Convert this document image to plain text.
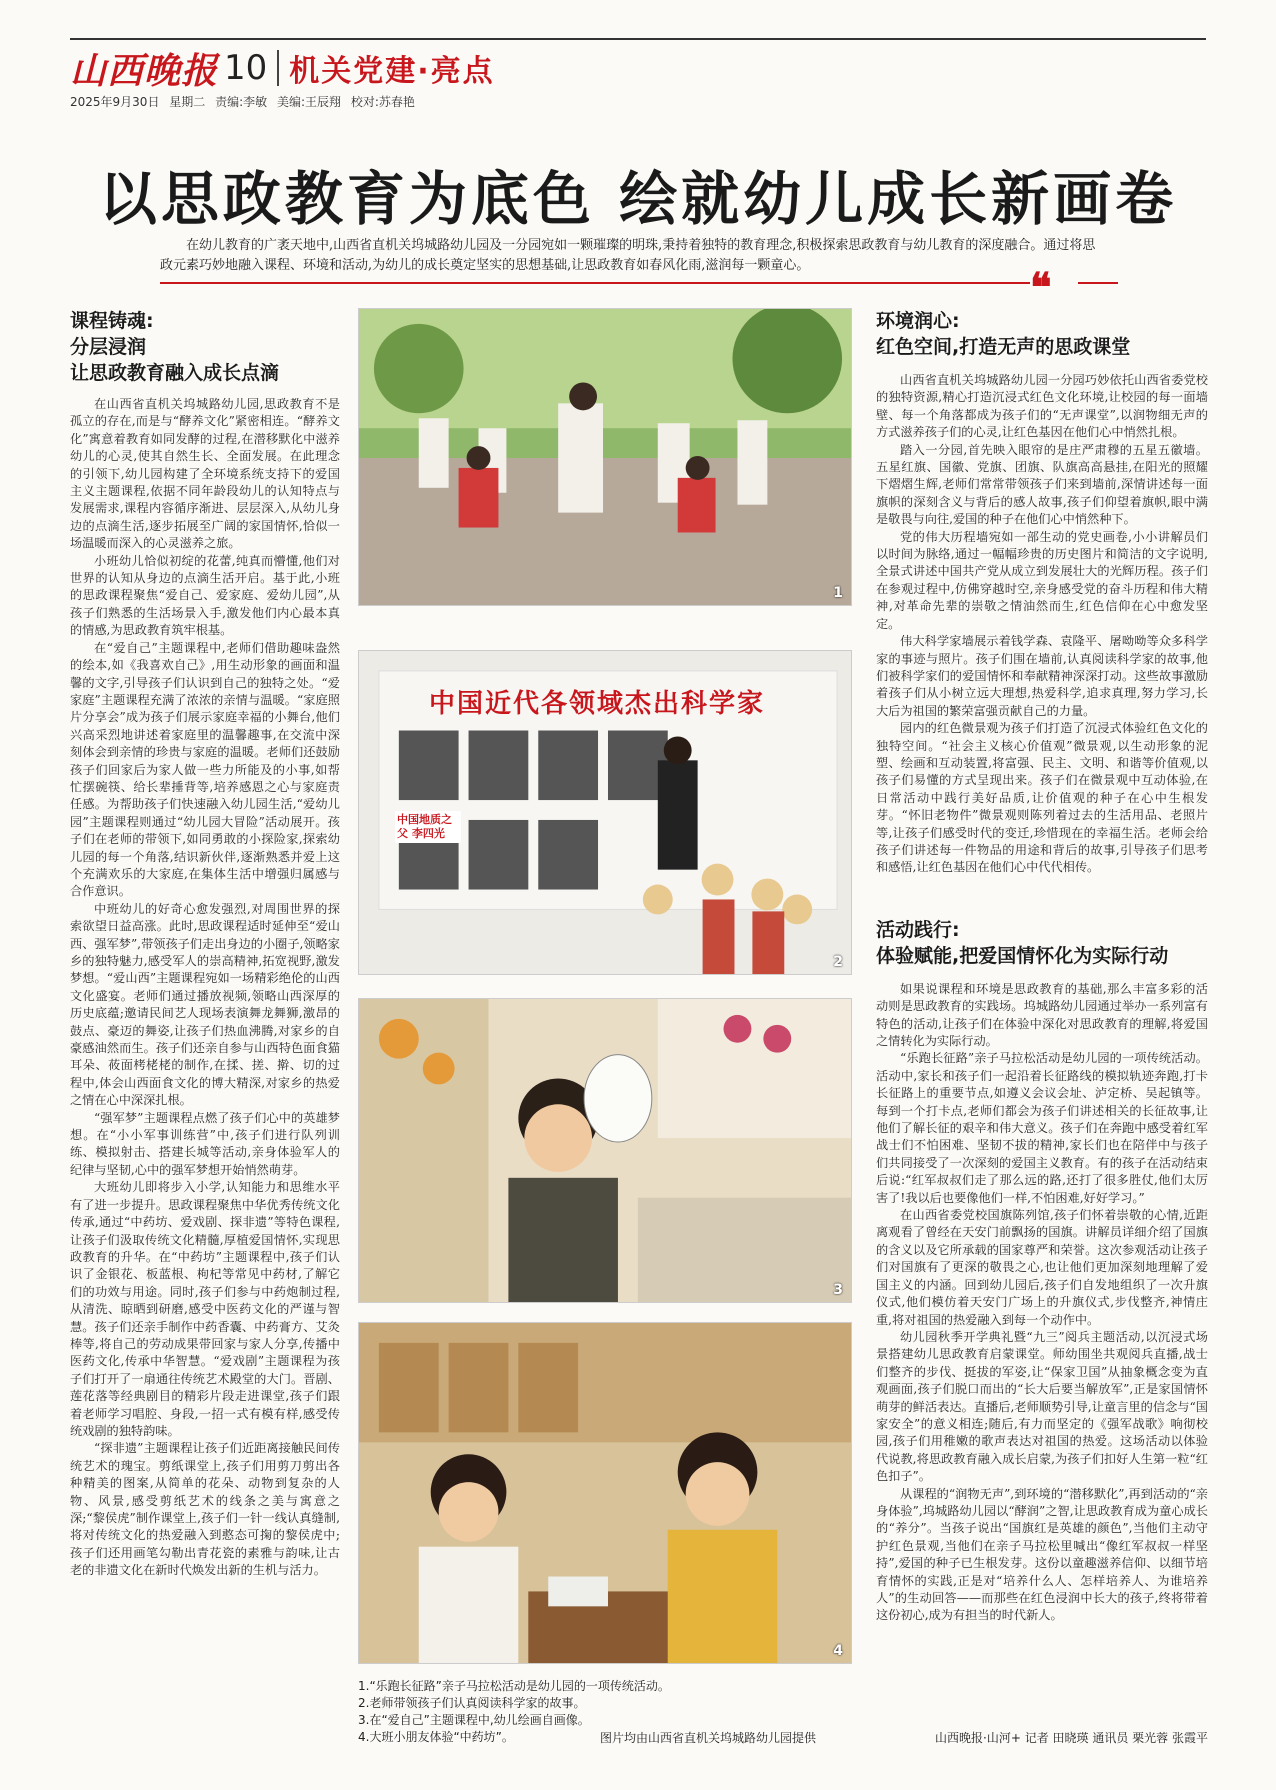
山西晚报 10 机关党建·亮点
2025年9月30日 星期二 责编:李敏 美编:王辰翔 校对:苏春艳
以思政教育为底色 绘就幼儿成长新画卷

在幼儿教育的广袤天地中,山西省直机关坞城路幼儿园及一分园宛如一颗璀璨的明珠,秉持着独特的教育理念,积极探索思政教育与幼儿教育的深度融合。通过将思政元素巧妙地融入课程、环境和活动,为幼儿的成长奠定坚实的思想基础,让思政教育如春风化雨,滋润每一颗童心。	❝
课程铸魂:
分层浸润
让思政教育融入成长点滴

在山西省直机关坞城路幼儿园,思政教育不是孤立的存在,而是与“酵养文化”紧密相连。“酵养文化”寓意着教育如同发酵的过程,在潜移默化中滋养幼儿的心灵,使其自然生长、全面发展。在此理念的引领下,幼儿园构建了全环境系统支持下的爱国主义主题课程,依据不同年龄段幼儿的认知特点与发展需求,课程内容循序渐进、层层深入,从幼儿身边的点滴生活,逐步拓展至广阔的家国情怀,恰似一场温暖而深入的心灵滋养之旅。

小班幼儿恰似初绽的花蕾,纯真而懵懂,他们对世界的认知从身边的点滴生活开启。基于此,小班的思政课程聚焦“爱自己、爱家庭、爱幼儿园”,从孩子们熟悉的生活场景入手,激发他们内心最本真的情感,为思政教育筑牢根基。

在“爱自己”主题课程中,老师们借助趣味盎然的绘本,如《我喜欢自己》,用生动形象的画面和温馨的文字,引导孩子们认识到自己的独特之处。“爱家庭”主题课程充满了浓浓的亲情与温暖。“家庭照片分享会”成为孩子们展示家庭幸福的小舞台,他们兴高采烈地讲述着家庭里的温馨趣事,在交流中深刻体会到亲情的珍贵与家庭的温暖。老师们还鼓励孩子们回家后为家人做一些力所能及的小事,如帮忙摆碗筷、给长辈捶背等,培养感恩之心与家庭责任感。为帮助孩子们快速融入幼儿园生活,“爱幼儿园”主题课程则通过“幼儿园大冒险”活动展开。孩子们在老师的带领下,如同勇敢的小探险家,探索幼儿园的每一个角落,结识新伙伴,逐渐熟悉并爱上这个充满欢乐的大家庭,在集体生活中增强归属感与合作意识。

中班幼儿的好奇心愈发强烈,对周围世界的探索欲望日益高涨。此时,思政课程适时延伸至“爱山西、强军梦”,带领孩子们走出身边的小圈子,领略家乡的独特魅力,感受军人的崇高精神,拓宽视野,激发梦想。“爱山西”主题课程宛如一场精彩绝伦的山西文化盛宴。老师们通过播放视频,领略山西深厚的历史底蕴;邀请民间艺人现场表演舞龙舞狮,激昂的鼓点、豪迈的舞姿,让孩子们热血沸腾,对家乡的自豪感油然而生。孩子们还亲自参与山西特色面食猫耳朵、莜面栲栳栳的制作,在揉、搓、擀、切的过程中,体会山西面食文化的博大精深,对家乡的热爱之情在心中深深扎根。

“强军梦”主题课程点燃了孩子们心中的英雄梦想。在“小小军事训练营”中,孩子们进行队列训练、模拟射击、搭建长城等活动,亲身体验军人的纪律与坚韧,心中的强军梦想开始悄然萌芽。

大班幼儿即将步入小学,认知能力和思维水平有了进一步提升。思政课程聚焦中华优秀传统文化传承,通过“中药坊、爱戏剧、探非遗”等特色课程,让孩子们汲取传统文化精髓,厚植爱国情怀,实现思政教育的升华。在“中药坊”主题课程中,孩子们认识了金银花、板蓝根、枸杞等常见中药材,了解它们的功效与用途。同时,孩子们参与中药炮制过程,从清洗、晾晒到研磨,感受中医药文化的严谨与智慧。孩子们还亲手制作中药香囊、中药膏方、艾灸棒等,将自己的劳动成果带回家与家人分享,传播中医药文化,传承中华智慧。“爱戏剧”主题课程为孩子们打开了一扇通往传统艺术殿堂的大门。晋剧、莲花落等经典剧目的精彩片段走进课堂,孩子们跟着老师学习唱腔、身段,一招一式有模有样,感受传统戏剧的独特韵味。

“探非遗”主题课程让孩子们近距离接触民间传统艺术的瑰宝。剪纸课堂上,孩子们用剪刀剪出各种精美的图案,从简单的花朵、动物到复杂的人物、风景,感受剪纸艺术的线条之美与寓意之深;“黎侯虎”制作课堂上,孩子们一针一线认真缝制,将对传统文化的热爱融入到憨态可掬的黎侯虎中;孩子们还用画笔勾勒出青花瓷的素雅与韵味,让古老的非遗文化在新时代焕发出新的生机与活力。

1
中国近代各领域杰出科学家
中国地质之父 李四光
2
3
4
1.“乐跑长征路”亲子马拉松活动是幼儿园的一项传统活动。
2.老师带领孩子们认真阅读科学家的故事。
3.在“爱自己”主题课程中,幼儿绘画自画像。
4.大班小朋友体验“中药坊”。	图片均由山西省直机关坞城路幼儿园提供
环境润心:
红色空间,打造无声的思政课堂

山西省直机关坞城路幼儿园一分园巧妙依托山西省委党校的独特资源,精心打造沉浸式红色文化环境,让校园的每一面墙壁、每一个角落都成为孩子们的“无声课堂”,以润物细无声的方式滋养孩子们的心灵,让红色基因在他们心中悄然扎根。

踏入一分园,首先映入眼帘的是庄严肃穆的五星五徽墙。五星红旗、国徽、党旗、团旗、队旗高高悬挂,在阳光的照耀下熠熠生辉,老师们常常带领孩子们来到墙前,深情讲述每一面旗帜的深刻含义与背后的感人故事,孩子们仰望着旗帜,眼中满是敬畏与向往,爱国的种子在他们心中悄然种下。

党的伟大历程墙宛如一部生动的党史画卷,小小讲解员们以时间为脉络,通过一幅幅珍贵的历史图片和简洁的文字说明,全景式讲述中国共产党从成立到发展壮大的光辉历程。孩子们在参观过程中,仿佛穿越时空,亲身感受党的奋斗历程和伟大精神,对革命先辈的崇敬之情油然而生,红色信仰在心中愈发坚定。

伟大科学家墙展示着钱学森、袁隆平、屠呦呦等众多科学家的事迹与照片。孩子们围在墙前,认真阅读科学家的故事,他们被科学家们的爱国情怀和奉献精神深深打动。这些故事激励着孩子们从小树立远大理想,热爱科学,追求真理,努力学习,长大后为祖国的繁荣富强贡献自己的力量。

园内的红色微景观为孩子们打造了沉浸式体验红色文化的独特空间。“社会主义核心价值观”微景观,以生动形象的泥塑、绘画和互动装置,将富强、民主、文明、和谐等价值观,以孩子们易懂的方式呈现出来。孩子们在微景观中互动体验,在日常活动中践行美好品质,让价值观的种子在心中生根发芽。“怀旧老物件”微景观则陈列着过去的生活用品、老照片等,让孩子们感受时代的变迁,珍惜现在的幸福生活。老师会给孩子们讲述每一件物品的用途和背后的故事,引导孩子们思考和感悟,让红色基因在他们心中代代相传。

活动践行:
体验赋能,把爱国情怀化为实际行动

如果说课程和环境是思政教育的基础,那么丰富多彩的活动则是思政教育的实践场。坞城路幼儿园通过举办一系列富有特色的活动,让孩子们在体验中深化对思政教育的理解,将爱国之情转化为实际行动。

“乐跑长征路”亲子马拉松活动是幼儿园的一项传统活动。活动中,家长和孩子们一起沿着长征路线的模拟轨迹奔跑,打卡长征路上的重要节点,如遵义会议会址、泸定桥、吴起镇等。每到一个打卡点,老师们都会为孩子们讲述相关的长征故事,让他们了解长征的艰辛和伟大意义。孩子们在奔跑中感受着红军战士们不怕困难、坚韧不拔的精神,家长们也在陪伴中与孩子们共同接受了一次深刻的爱国主义教育。有的孩子在活动结束后说:“红军叔叔们走了那么远的路,还打了很多胜仗,他们太厉害了!我以后也要像他们一样,不怕困难,好好学习。”

在山西省委党校国旗陈列馆,孩子们怀着崇敬的心情,近距离观看了曾经在天安门前飘扬的国旗。讲解员详细介绍了国旗的含义以及它所承载的国家尊严和荣誉。这次参观活动让孩子们对国旗有了更深的敬畏之心,也让他们更加深刻地理解了爱国主义的内涵。回到幼儿园后,孩子们自发地组织了一次升旗仪式,他们模仿着天安门广场上的升旗仪式,步伐整齐,神情庄重,将对祖国的热爱融入到每一个动作中。

幼儿园秋季开学典礼暨“九三”阅兵主题活动,以沉浸式场景搭建幼儿思政教育启蒙课堂。师幼围坐共观阅兵直播,战士们整齐的步伐、挺拔的军姿,让“保家卫国”从抽象概念变为直观画面,孩子们脱口而出的“长大后要当解放军”,正是家国情怀萌芽的鲜活表达。直播后,老师顺势引导,让童言里的信念与“国家安全”的意义相连;随后,有力而坚定的《强军战歌》响彻校园,孩子们用稚嫩的歌声表达对祖国的热爱。这场活动以体验代说教,将思政教育融入成长启蒙,为孩子们扣好人生第一粒“红色扣子”。

从课程的“润物无声”,到环境的“潜移默化”,再到活动的“亲身体验”,坞城路幼儿园以“酵润”之智,让思政教育成为童心成长的“养分”。当孩子说出“国旗红是英雄的颜色”,当他们主动守护红色景观,当他们在亲子马拉松里喊出“像红军叔叔一样坚持”,爱国的种子已生根发芽。这份以童趣滋养信仰、以细节培育情怀的实践,正是对“培养什么人、怎样培养人、为谁培养人”的生动回答——而那些在红色浸润中长大的孩子,终将带着这份初心,成为有担当的时代新人。

山西晚报·山河+ 记者 田晓瑛 通讯员 栗光蓉 张霞平
